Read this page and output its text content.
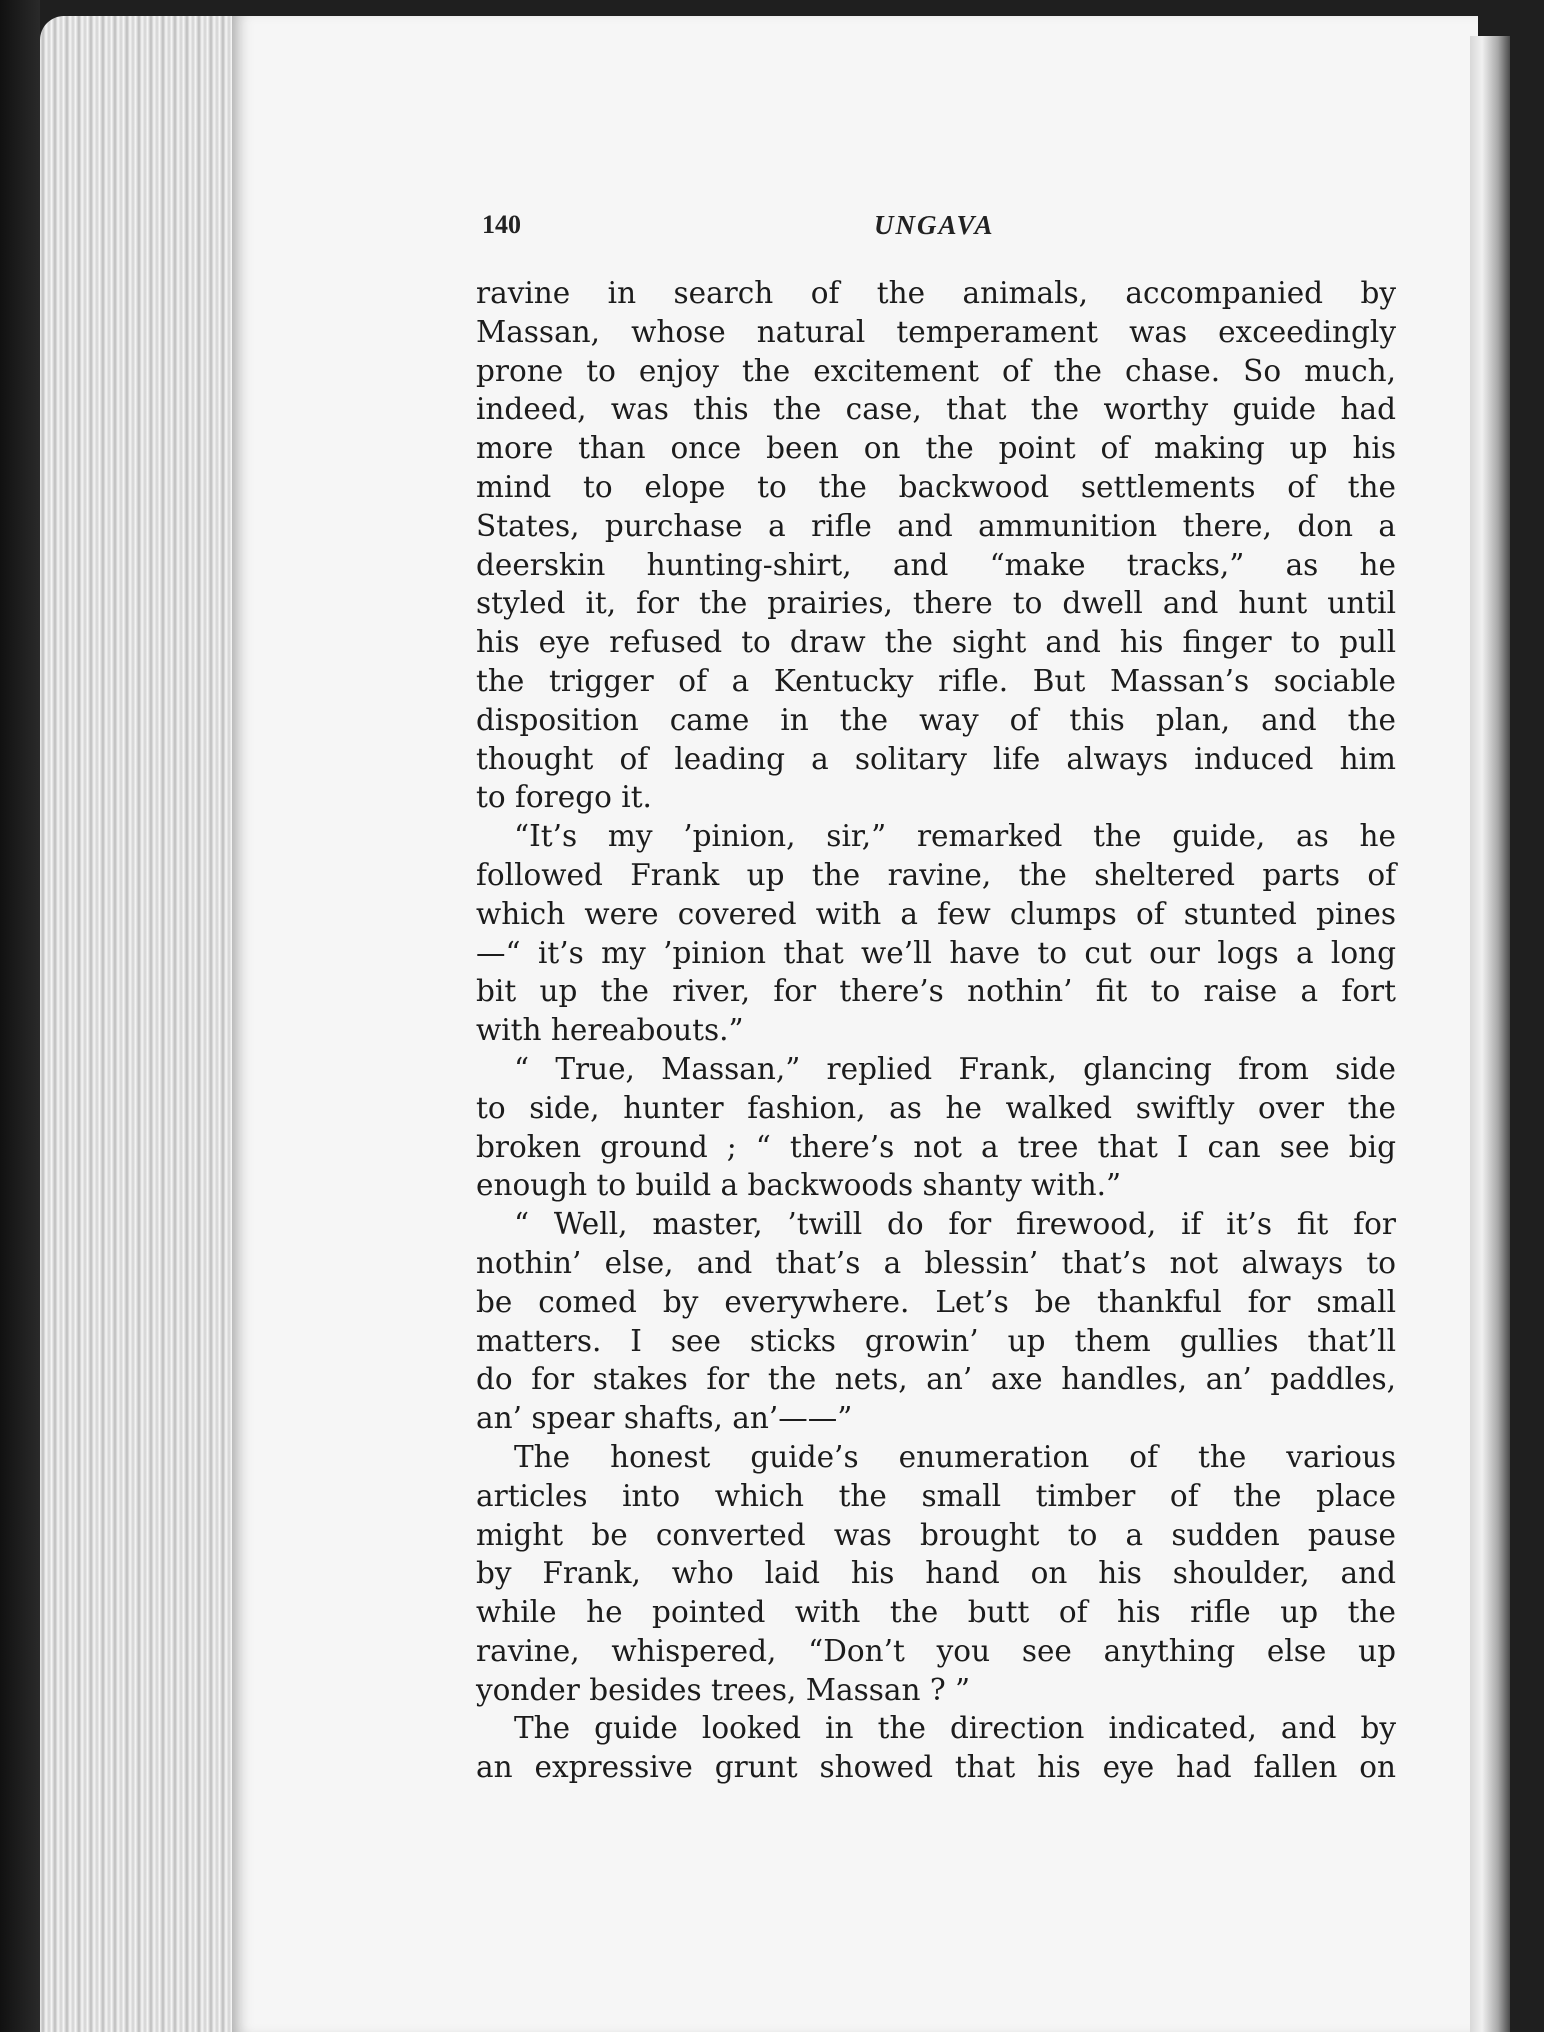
140	UNGAVA
ravine in search of the animals, accompanied by
Massan, whose natural temperament was exceedingly
prone to enjoy the excitement of the chase. So much,
indeed, was this the case, that the worthy guide had
more than once been on the point of making up his
mind to elope to the backwood settlements of the
States, purchase a rifle and ammunition there, don a
deerskin hunting-shirt, and “make tracks,” as he
styled it, for the prairies, there to dwell and hunt until
his eye refused to draw the sight and his finger to pull
the trigger of a Kentucky rifle. But Massan’s sociable
disposition came in the way of this plan, and the
thought of leading a solitary life always induced him
to forego it.
“It’s my ’pinion, sir,” remarked the guide, as he
followed Frank up the ravine, the sheltered parts of
which were covered with a few clumps of stunted pines
—“ it’s my ’pinion that we’ll have to cut our logs a long
bit up the river, for there’s nothin’ fit to raise a fort
with hereabouts.”
“ True, Massan,” replied Frank, glancing from side
to side, hunter fashion, as he walked swiftly over the
broken ground ; “ there’s not a tree that I can see big
enough to build a backwoods shanty with.”
“ Well, master, ’twill do for firewood, if it’s fit for
nothin’ else, and that’s a blessin’ that’s not always to
be comed by everywhere. Let’s be thankful for small
matters. I see sticks growin’ up them gullies that’ll
do for stakes for the nets, an’ axe handles, an’ paddles,
an’ spear shafts, an’——”
The honest guide’s enumeration of the various
articles into which the small timber of the place
might be converted was brought to a sudden pause
by Frank, who laid his hand on his shoulder, and
while he pointed with the butt of his rifle up the
ravine, whispered, “Don’t you see anything else up
yonder besides trees, Massan ? ”
The guide looked in the direction indicated, and by
an expressive grunt showed that his eye had fallen on
